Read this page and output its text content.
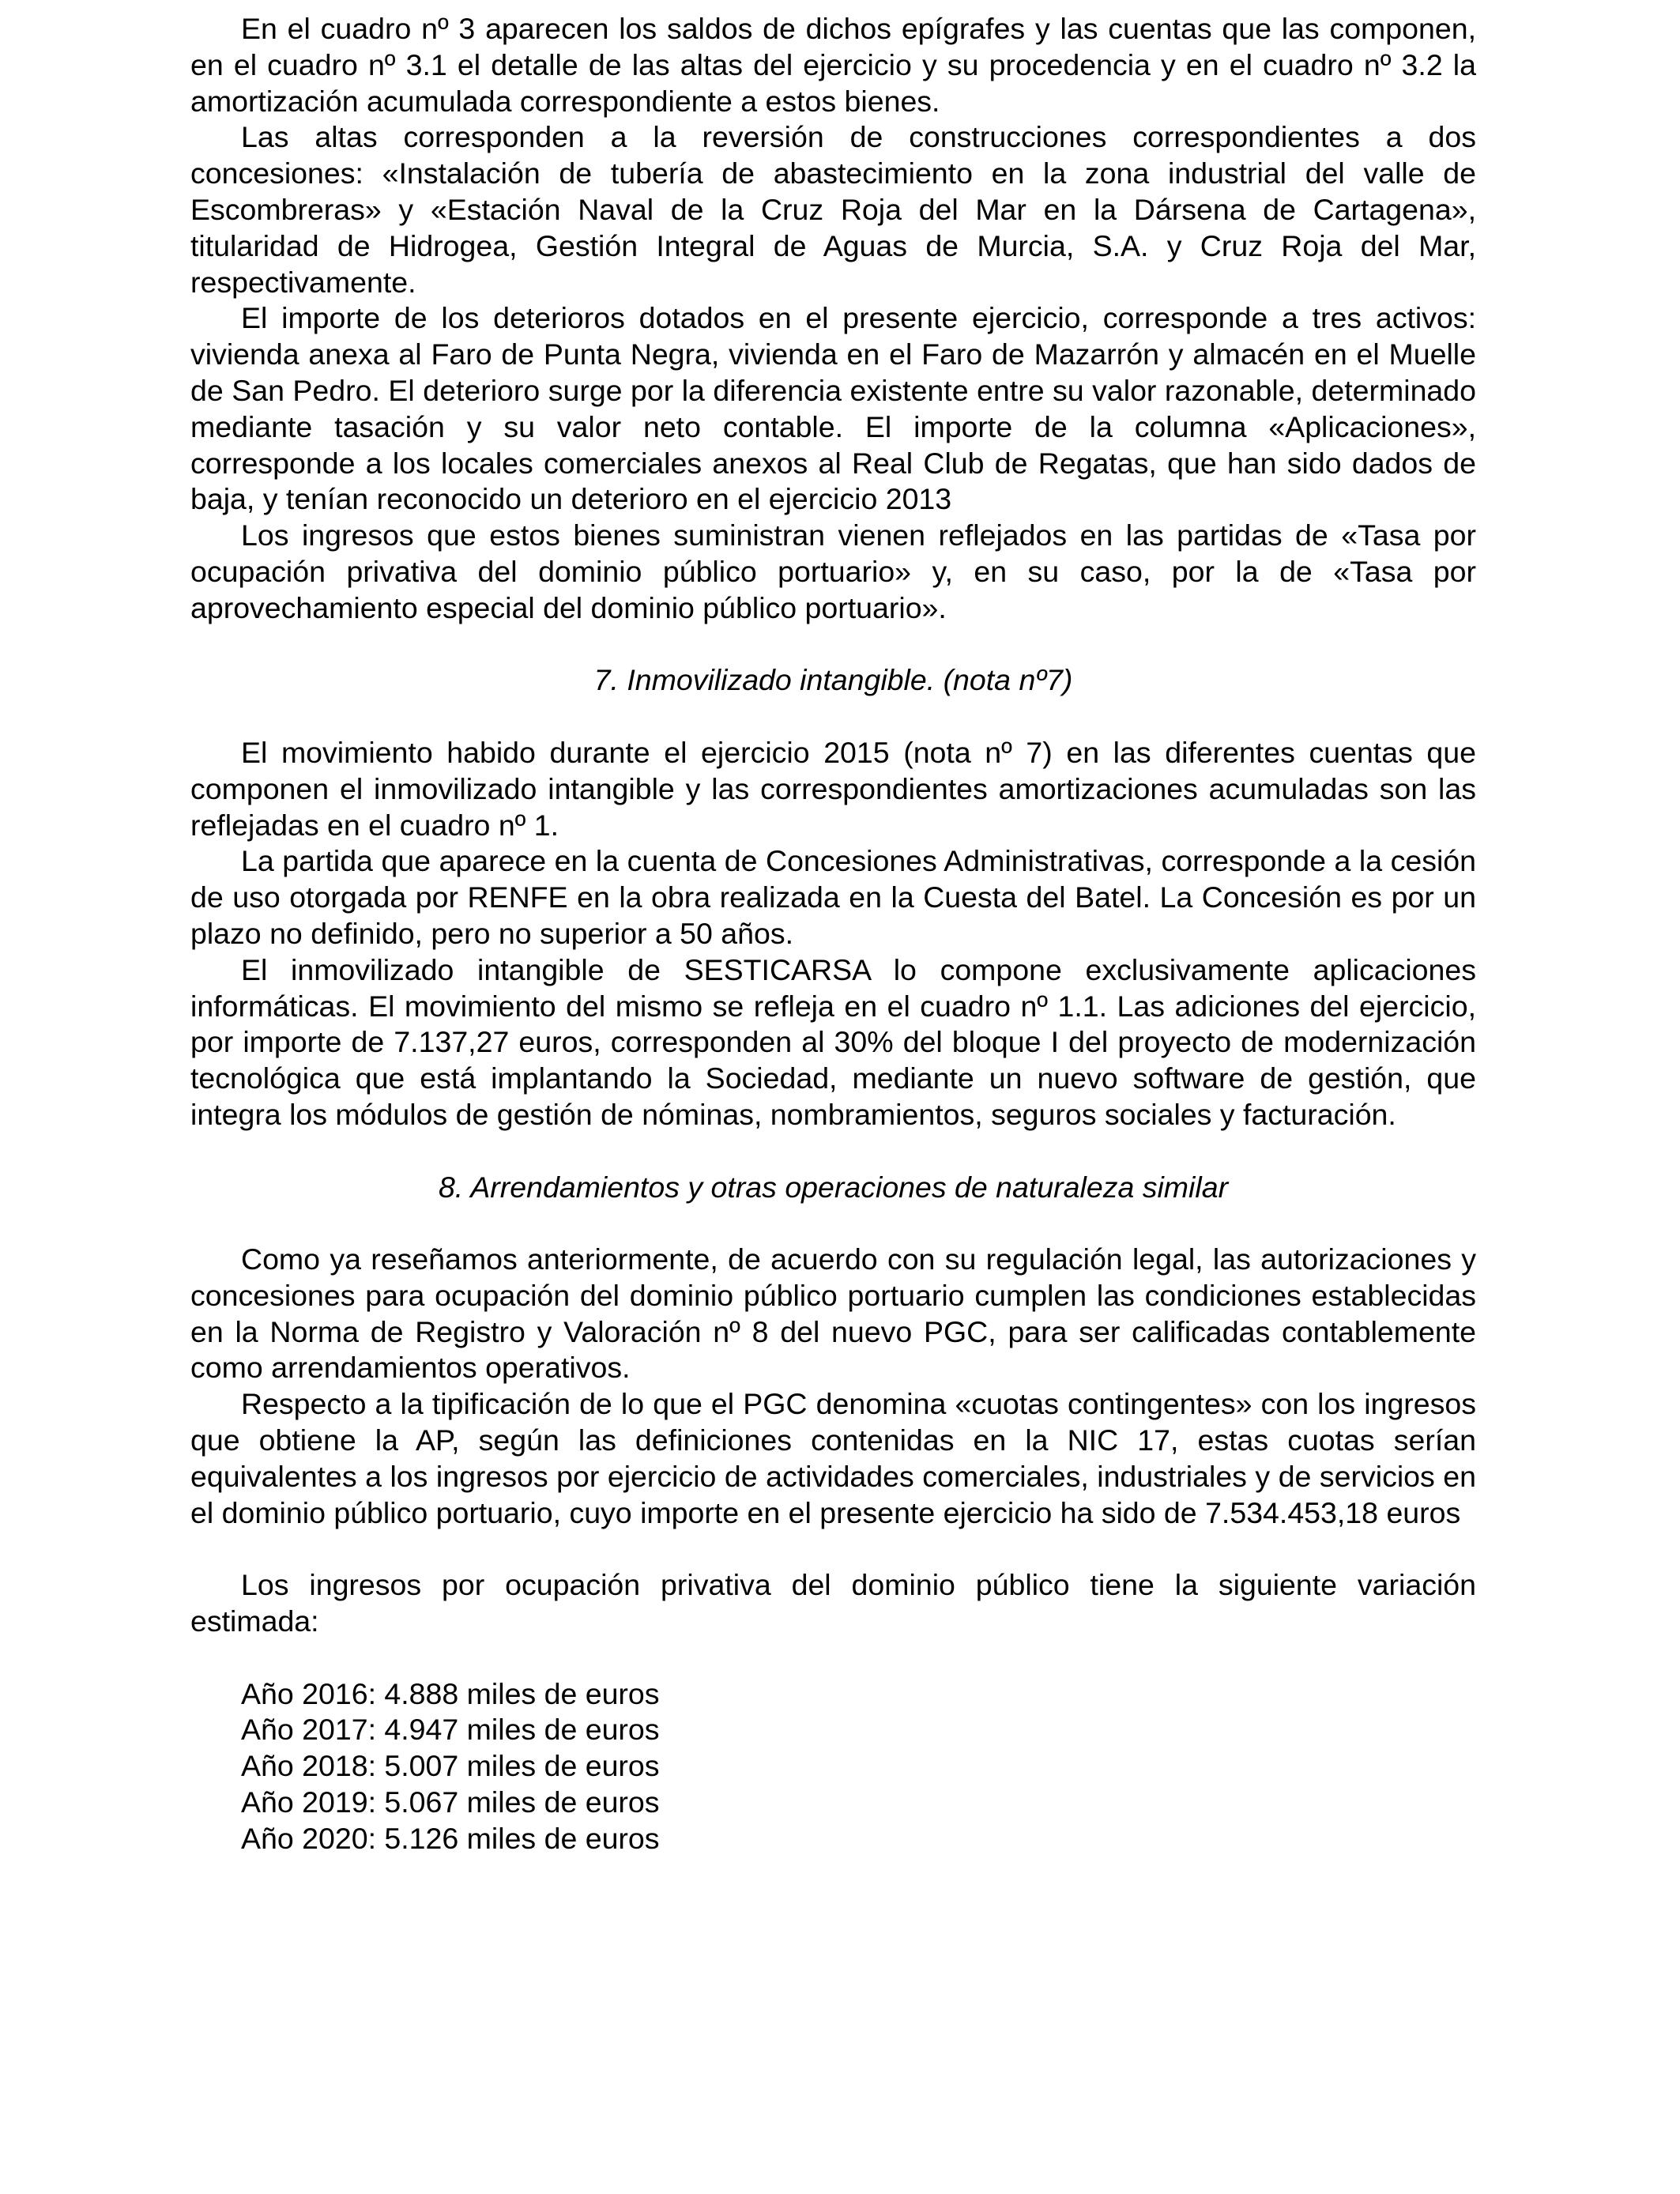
En el cuadro nº 3 aparecen los saldos de dichos epígrafes y las cuentas que las componen, en el cuadro nº 3.1 el detalle de las altas del ejercicio y su procedencia y en el cuadro nº 3.2 la amortización acumulada correspondiente a estos bienes.

Las altas corresponden a la reversión de construcciones correspondientes a dos concesiones: «Instalación de tubería de abastecimiento en la zona industrial del valle de Escombreras» y «Estación Naval de la Cruz Roja del Mar en la Dársena de Cartagena», titularidad de Hidrogea, Gestión Integral de Aguas de Murcia, S.A. y Cruz Roja del Mar, respectivamente.

El importe de los deterioros dotados en el presente ejercicio, corresponde a tres activos: vivienda anexa al Faro de Punta Negra, vivienda en el Faro de Mazarrón y almacén en el Muelle de San Pedro. El deterioro surge por la diferencia existente entre su valor razonable, determinado mediante tasación y su valor neto contable. El importe de la columna «Aplicaciones», corresponde a los locales comerciales anexos al Real Club de Regatas, que han sido dados de baja, y tenían reconocido un deterioro en el ejercicio 2013

Los ingresos que estos bienes suministran vienen reflejados en las partidas de «Tasa por ocupación privativa del dominio público portuario» y, en su caso, por la de «Tasa por aprovechamiento especial del dominio público portuario».

7. Inmovilizado intangible. (nota nº7)

El movimiento habido durante el ejercicio 2015 (nota nº 7) en las diferentes cuentas que componen el inmovilizado intangible y las correspondientes amortizaciones acumuladas son las reflejadas en el cuadro nº 1.

La partida que aparece en la cuenta de Concesiones Administrativas, corresponde a la cesión de uso otorgada por RENFE en la obra realizada en la Cuesta del Batel. La Concesión es por un plazo no definido, pero no superior a 50 años.

El inmovilizado intangible de SESTICARSA lo compone exclusivamente aplicaciones informáticas. El movimiento del mismo se refleja en el cuadro nº 1.1. Las adiciones del ejercicio, por importe de 7.137,27 euros, corresponden al 30% del bloque I del proyecto de modernización tecnológica que está implantando la Sociedad, mediante un nuevo software de gestión, que integra los módulos de gestión de nóminas, nombramientos, seguros sociales y facturación.

8. Arrendamientos y otras operaciones de naturaleza similar

Como ya reseñamos anteriormente, de acuerdo con su regulación legal, las autorizaciones y concesiones para ocupación del dominio público portuario cumplen las condiciones establecidas en la Norma de Registro y Valoración nº 8 del nuevo PGC, para ser calificadas contablemente como arrendamientos operativos.

Respecto a la tipificación de lo que el PGC denomina «cuotas contingentes» con los ingresos que obtiene la AP, según las definiciones contenidas en la NIC 17, estas cuotas serían equivalentes a los ingresos por ejercicio de actividades comerciales, industriales y de servicios en el dominio público portuario, cuyo importe en el presente ejercicio ha sido de 7.534.453,18 euros

Los ingresos por ocupación privativa del dominio público tiene la siguiente variación estimada:

Año 2016: 4.888 miles de euros
Año 2017: 4.947 miles de euros
Año 2018: 5.007 miles de euros
Año 2019: 5.067 miles de euros
Año 2020: 5.126 miles de euros
